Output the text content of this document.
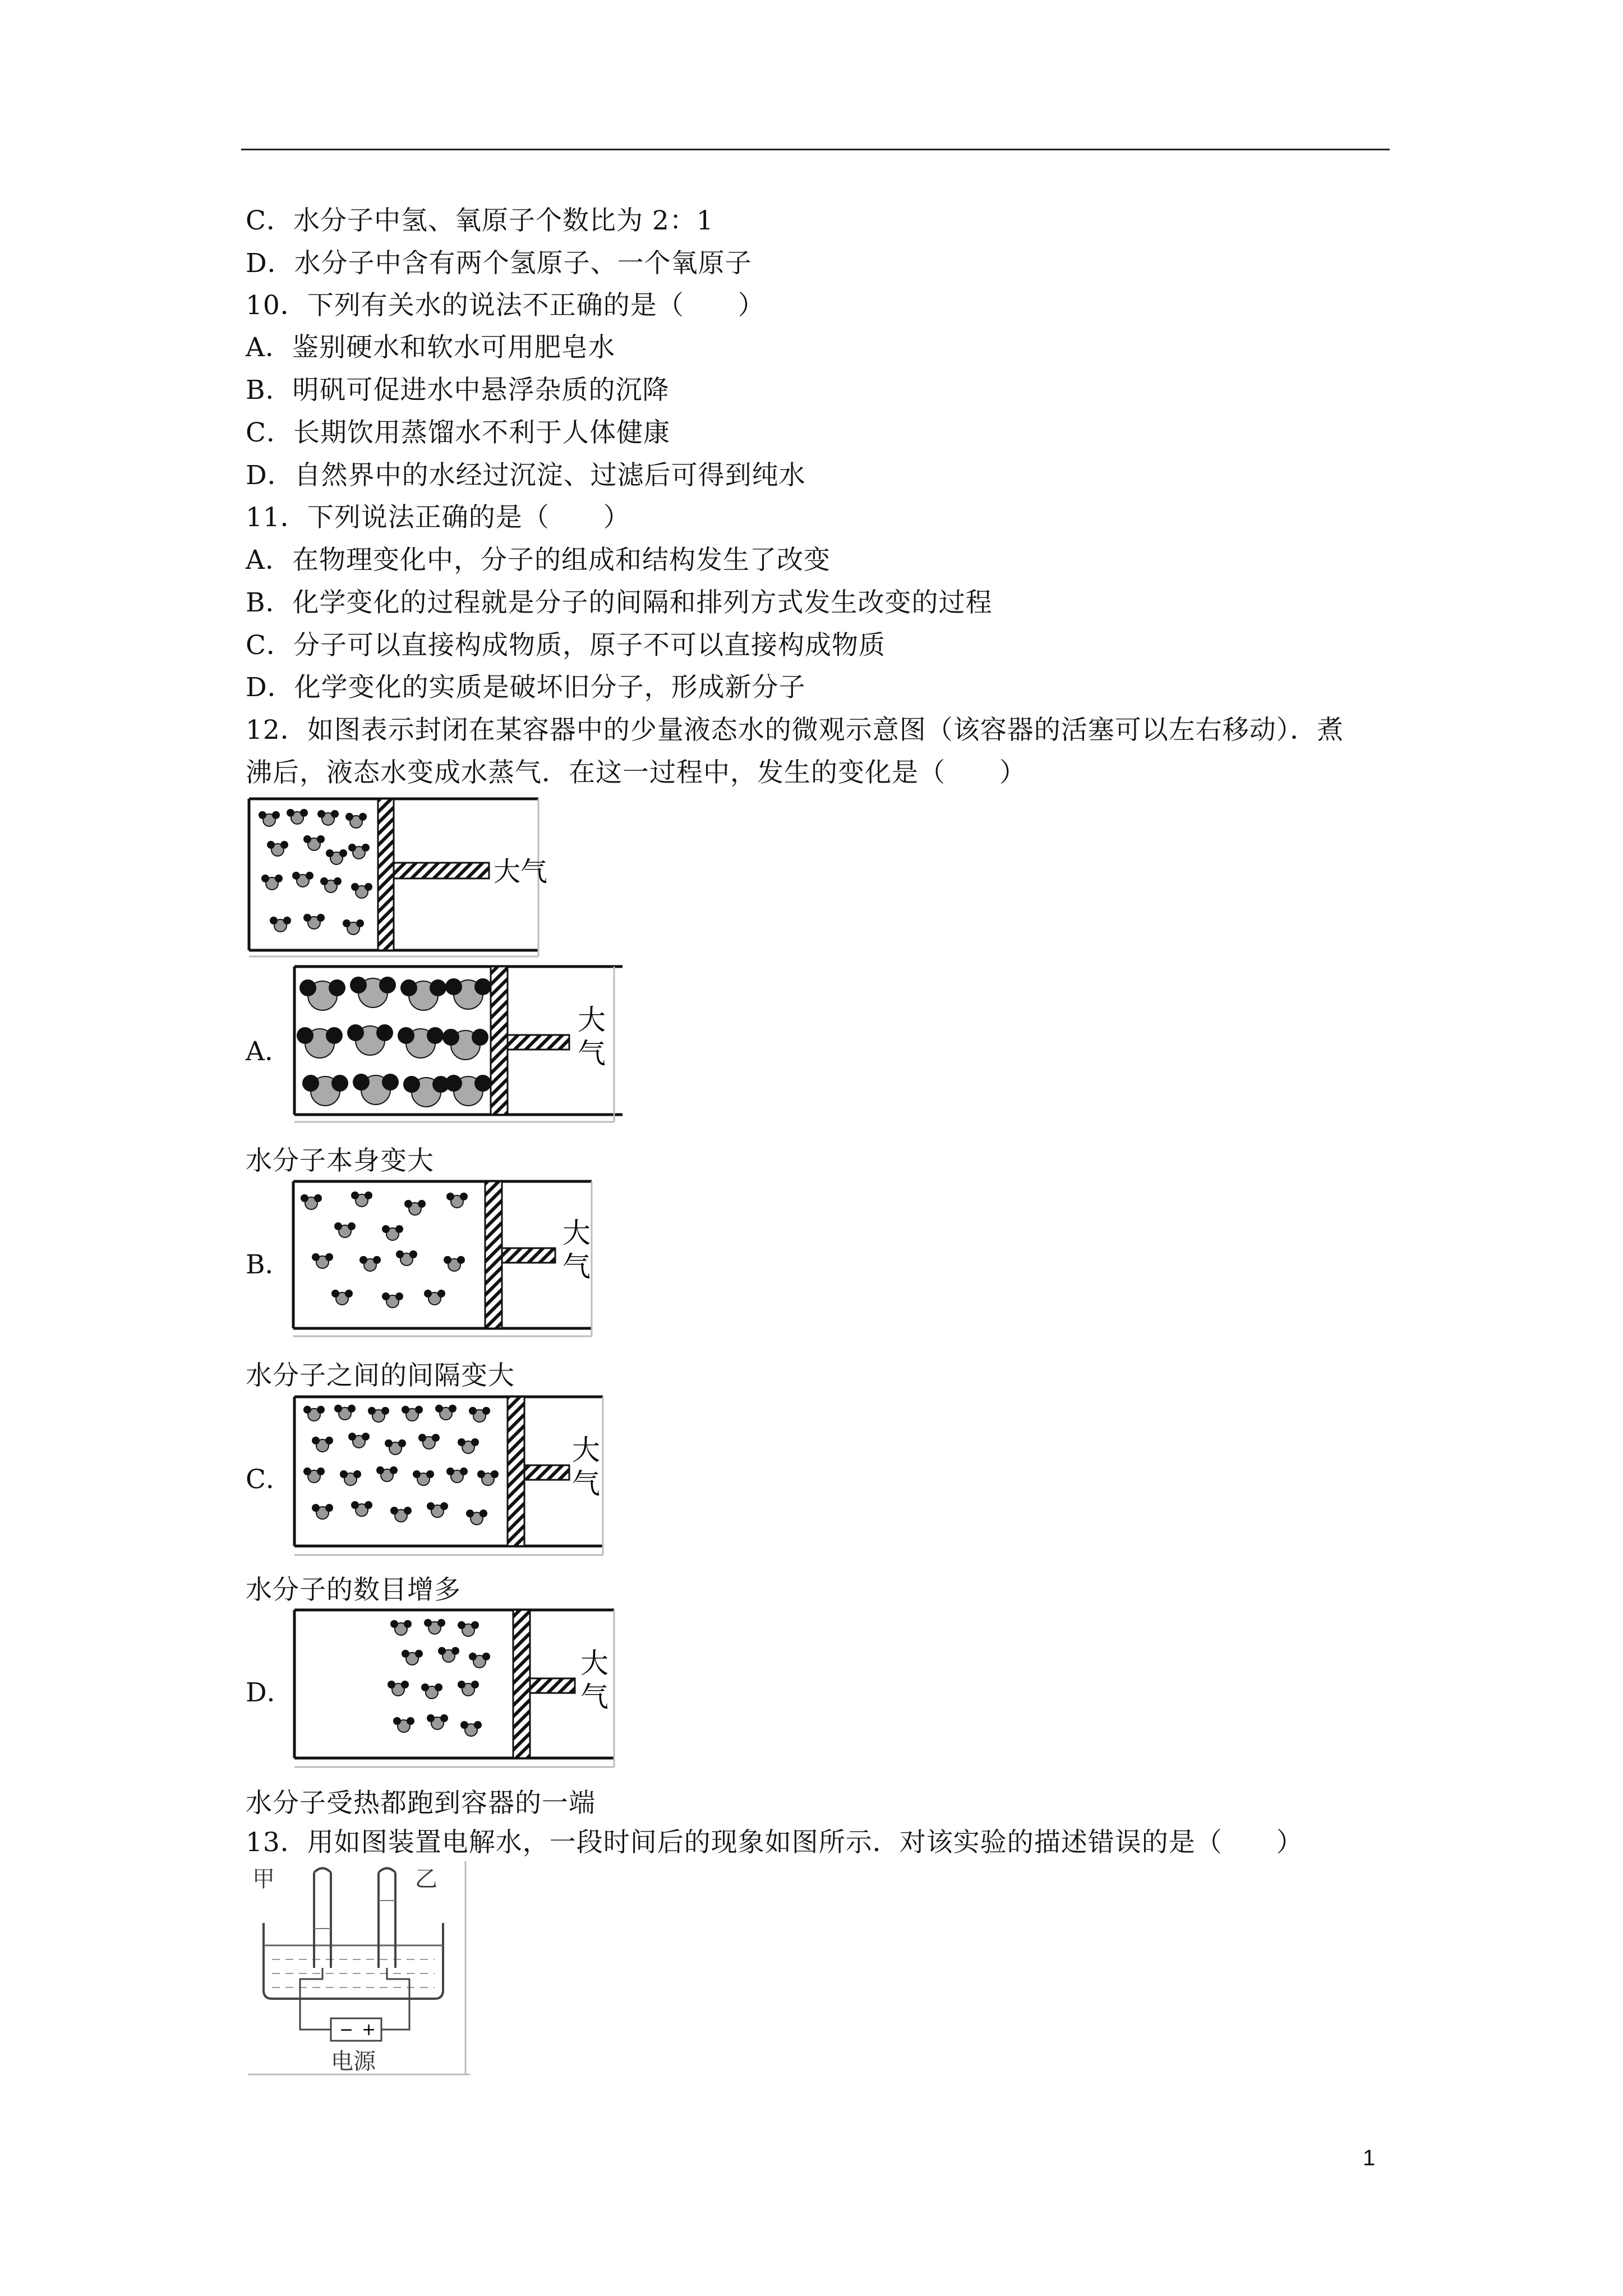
C．水分子中氢、氧原子个数比为 2：1
D．水分子中含有两个氢原子、一个氧原子
10．下列有关水的说法不正确的是（　　）
A．鉴别硬水和软水可用肥皂水
B．明矾可促进水中悬浮杂质的沉降
C．长期饮用蒸馏水不利于人体健康
D．自然界中的水经过沉淀、过滤后可得到纯水
11．下列说法正确的是（　　）
A．在物理变化中，分子的组成和结构发生了改变
B．化学变化的过程就是分子的间隔和排列方式发生改变的过程
C．分子可以直接构成物质，原子不可以直接构成物质
D．化学变化的实质是破坏旧分子，形成新分子
12．如图表示封闭在某容器中的少量液态水的微观示意图（该容器的活塞可以左右移动）．煮
沸后，液态水变成水蒸气．在这一过程中，发生的变化是（　　）
大气
A．
大
气
水分子本身变大
B．
大
气
水分子之间的间隔变大
C．
大
气
水分子的数目增多
D．
大
气
水分子受热都跑到容器的一端
13．用如图装置电解水，一段时间后的现象如图所示．对该实验的描述错误的是（　　）
甲	乙
− +
电源
1
